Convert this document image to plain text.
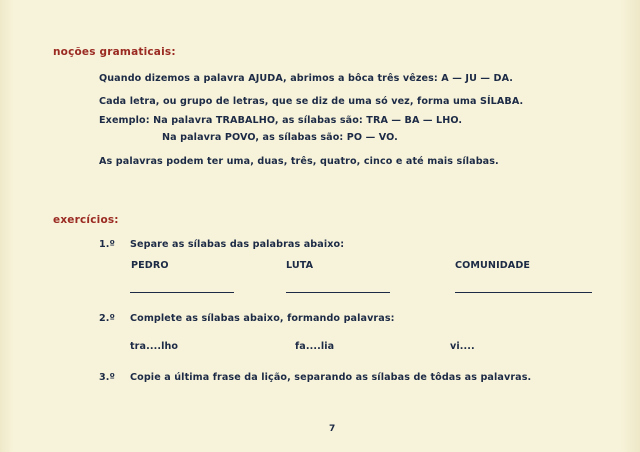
noções gramaticais:
Quando dizemos a palavra AJUDA, abrimos a bôca três vêzes: A — JU — DA.
Cada letra, ou grupo de letras, que se diz de uma só vez, forma uma SÍLABA.
Exemplo: Na palavra TRABALHO, as sílabas são: TRA — BA — LHO.
Na palavra POVO, as sílabas são: PO — VO.
As palavras podem ter uma, duas, três, quatro, cinco e até mais sílabas.
exercícios:
1.º Separe as sílabas das palabras abaixo:
PEDRO	LUTA	COMUNIDADE
2.º Complete as sílabas abaixo, formando palavras:
tra....lho	fa....lia	vi....
3.º Copie a última frase da lição, separando as sílabas de tôdas as palavras.
7
